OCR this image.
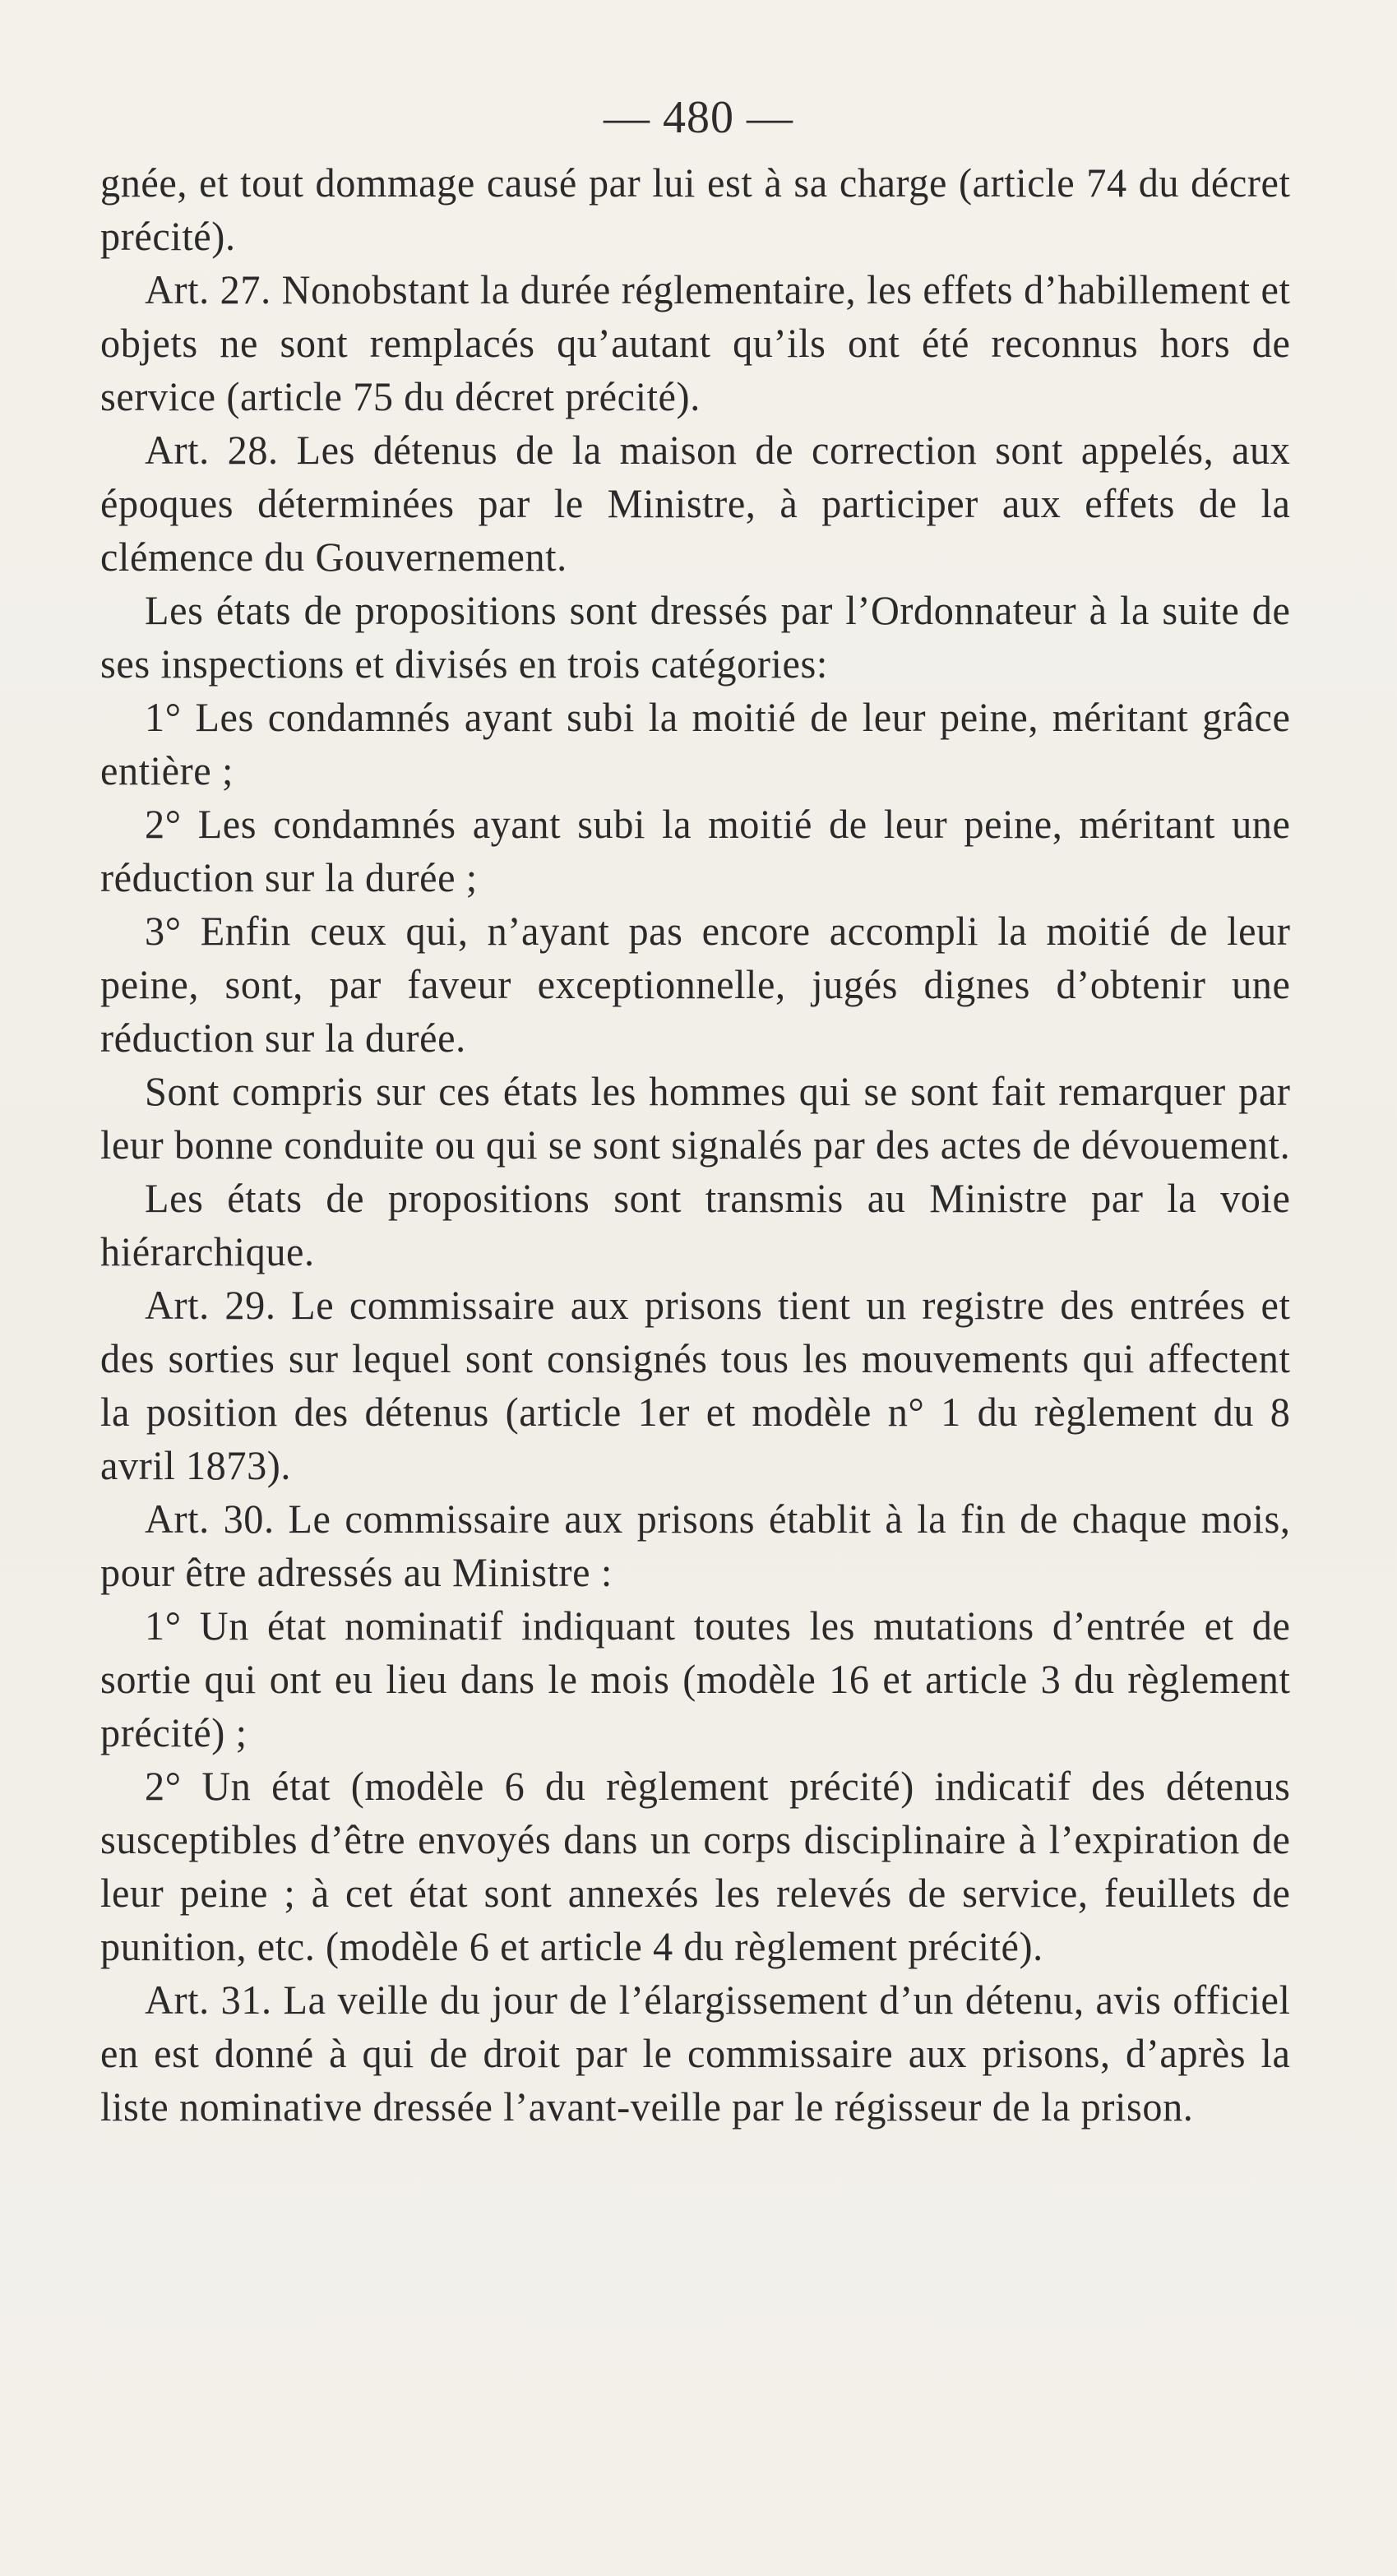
— 480 —

gnée, et tout dommage causé par lui est à sa charge (article 74 du décret précité).

Art. 27. Nonobstant la durée réglementaire, les effets d’habillement et objets ne sont remplacés qu’autant qu’ils ont été reconnus hors de service (article 75 du décret précité).

Art. 28. Les détenus de la maison de correction sont appelés, aux époques déterminées par le Ministre, à participer aux effets de la clémence du Gouvernement.

Les états de propositions sont dressés par l’Ordonnateur à la suite de ses inspections et divisés en trois catégories:

1° Les condamnés ayant subi la moitié de leur peine, méritant grâce entière ;

2° Les condamnés ayant subi la moitié de leur peine, méritant une réduction sur la durée ;

3° Enfin ceux qui, n’ayant pas encore accompli la moitié de leur peine, sont, par faveur exceptionnelle, jugés dignes d’obtenir une réduction sur la durée.

Sont compris sur ces états les hommes qui se sont fait remarquer par leur bonne conduite ou qui se sont signalés par des actes de dévouement.

Les états de propositions sont transmis au Ministre par la voie hiérarchique.

Art. 29. Le commissaire aux prisons tient un registre des entrées et des sorties sur lequel sont consignés tous les mouvements qui affectent la position des détenus (article 1er et modèle n° 1 du règlement du 8 avril 1873).

Art. 30. Le commissaire aux prisons établit à la fin de chaque mois, pour être adressés au Ministre :

1° Un état nominatif indiquant toutes les mutations d’entrée et de sortie qui ont eu lieu dans le mois (modèle 16 et article 3 du règlement précité) ;

2° Un état (modèle 6 du règlement précité) indicatif des détenus susceptibles d’être envoyés dans un corps disciplinaire à l’expiration de leur peine ; à cet état sont annexés les relevés de service, feuillets de punition, etc. (modèle 6 et article 4 du règlement précité).

Art. 31. La veille du jour de l’élargissement d’un détenu, avis officiel en est donné à qui de droit par le commissaire aux prisons, d’après la liste nominative dressée l’avant-veille par le régisseur de la prison.
